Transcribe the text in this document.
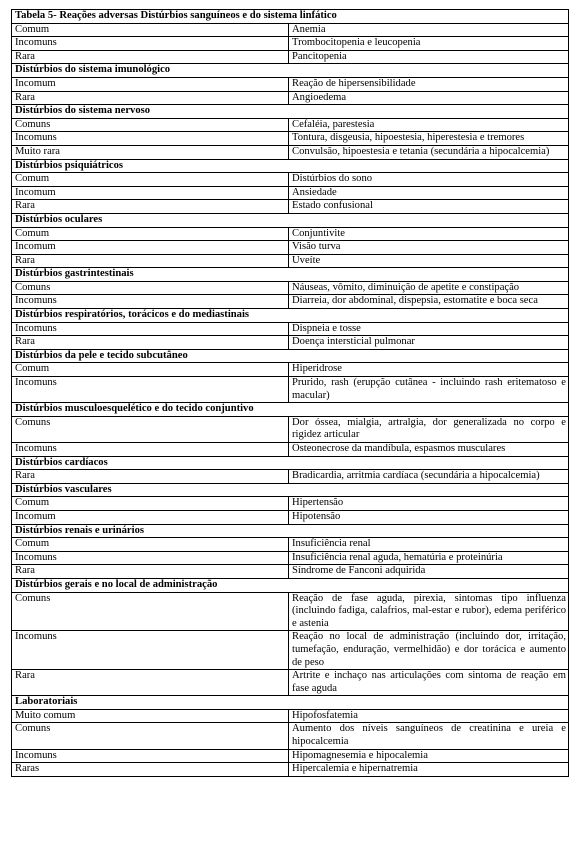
Tabela 5- Reações adversas Distúrbios sanguíneos e do sistema linfático	
Comum	Anemia
Incomuns	Trombocitopenia e leucopenia
Rara	Pancitopenia
Distúrbios do sistema imunológico	
Incomum	Reação de hipersensibilidade
Rara	Angioedema
Distúrbios do sistema nervoso	
Comuns	Cefaléia, parestesia
Incomuns	Tontura, disgeusia, hipoestesia, hiperestesia e tremores
Muito rara	Convulsão, hipoestesia e tetania (secundária a hipocalcemia)
Distúrbios psiquiátricos	
Comum	Distúrbios do sono
Incomum	Ansiedade
Rara	Estado confusional
Distúrbios oculares	
Comum	Conjuntivite
Incomum	Visão turva
Rara	Uveíte
Distúrbios gastrintestinais	
Comuns	Náuseas, vômito, diminuição de apetite e constipação
Incomuns	Diarreia, dor abdominal, dispepsia, estomatite e boca seca
Distúrbios respiratórios, torácicos e do mediastinais	
Incomuns	Dispneia e tosse
Rara	Doença intersticial pulmonar
Distúrbios da pele e tecido subcutâneo	
Comum	Hiperidrose
Incomuns	Prurido, rash (erupção cutânea - incluindo rash eritematoso e macular)
Distúrbios musculoesquelético e do tecido conjuntivo	
Comuns	Dor óssea, mialgia, artralgia, dor generalizada no corpo e rigidez articular
Incomuns	Osteonecrose da mandíbula, espasmos musculares
Distúrbios cardíacos	
Rara	Bradicardia, arritmia cardíaca (secundária a hipocalcemia)
Distúrbios vasculares	
Comum	Hipertensão
Incomum	Hipotensão
Distúrbios renais e urinários	
Comum	Insuficiência renal
Incomuns	Insuficiência renal aguda, hematúria e proteinúria
Rara	Síndrome de Fanconi adquirida
Distúrbios gerais e no local de administração	
Comuns	Reação de fase aguda, pirexia, sintomas tipo influenza (incluindo fadiga, calafrios, mal-estar e rubor), edema periférico e astenia
Incomuns	Reação no local de administração (incluindo dor, irritação, tumefação, enduração, vermelhidão) e dor torácica e aumento de peso
Rara	Artrite e inchaço nas articulações com sintoma de reação em fase aguda
Laboratoriais	
Muito comum	Hipofosfatemia
Comuns	Aumento dos níveis sanguíneos de creatinina e ureia e hipocalcemia
Incomuns	Hipomagnesemia e hipocalemia
Raras	Hipercalemia e hipernatremia
